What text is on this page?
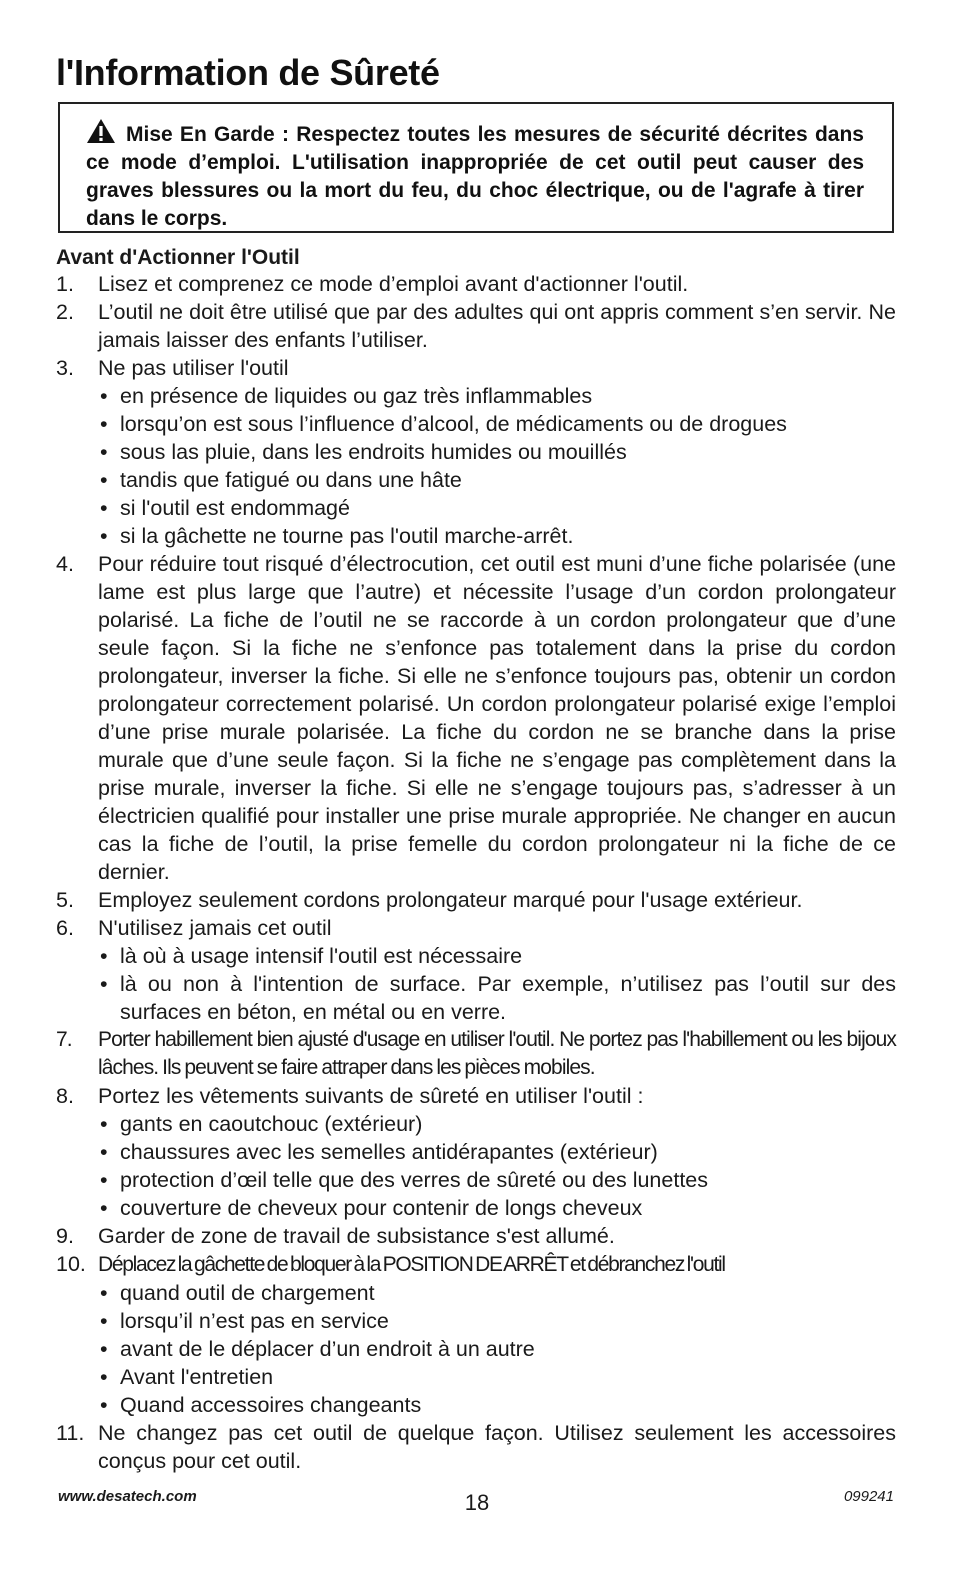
l'Information de Sûreté
Mise En Garde : Respectez toutes les mesures de sécurité décrites dans ce mode d’emploi. L'utilisation inappropriée de cet outil peut causer des graves blessures ou la mort du feu, du choc électrique, ou de l'agrafe à tirer dans le corps.
Avant d'Actionner l'Outil
1. Lisez et comprenez ce mode d’emploi avant d'actionner l'outil.
2. L’outil ne doit être utilisé que par des adultes qui ont appris comment s’en servir. Ne jamais laisser des enfants l’utiliser.
3. Ne pas utiliser l'outil
• en présence de liquides ou gaz très inflammables
• lorsqu’on est sous l’influence d’alcool, de médicaments ou de drogues
• sous las pluie, dans les endroits humides ou mouillés
• tandis que fatigué ou dans une hâte
• si l'outil est endommagé
• si la gâchette ne tourne pas l'outil marche-arrêt.
4. Pour réduire tout risqué d’électrocution, cet outil est muni d’une fiche polarisée (une lame est plus large que l’autre) et nécessite l’usage d’un cordon prolongateur polarisé. La fiche de l’outil ne se raccorde à un cordon prolongateur que d’une seule façon. Si la fiche ne s’enfonce pas totalement dans la prise du cordon prolongateur, inverser la fiche. Si elle ne s’enfonce toujours pas, obtenir un cordon prolongateur correctement polarisé. Un cordon prolongateur polarisé exige l’emploi d’une prise murale polarisée. La fiche du cordon ne se branche dans la prise murale que d’une seule façon. Si la fiche ne s’engage pas complètement dans la prise murale, inverser la fiche. Si elle ne s’engage toujours pas, s’adresser à un électricien qualifié pour installer une prise murale appropriée. Ne changer en aucun cas la fiche de l’outil, la prise femelle du cordon prolongateur ni la fiche de ce dernier.
5. Employez seulement cordons prolongateur marqué pour l'usage extérieur.
6. N'utilisez jamais cet outil
• là où à usage intensif l'outil est nécessaire
• là ou non à l'intention de surface. Par exemple, n’utilisez pas l’outil sur des surfaces en béton, en métal ou en verre.
7. Porter habillement bien ajusté d'usage en utiliser l'outil. Ne portez pas l'habillement ou les bijoux lâches. Ils peuvent se faire attraper dans les pièces mobiles.
8. Portez les vêtements suivants de sûreté en utiliser l'outil :
• gants en caoutchouc (extérieur)
• chaussures avec les semelles antidérapantes (extérieur)
• protection d’œil telle que des verres de sûreté ou des lunettes
• couverture de cheveux pour contenir de longs cheveux
9. Garder de zone de travail de subsistance s'est allumé.
10. Déplacez la gâchette de bloquer à la POSITION DE ARRÊT et débranchez l'outil
• quand outil de chargement
• lorsqu’il n’est pas en service
• avant de le déplacer d’un endroit à un autre
• Avant l'entretien
• Quand accessoires changeants
11. Ne changez pas cet outil de quelque façon. Utilisez seulement les accessoires conçus pour cet outil.
www.desatech.com	18	099241
